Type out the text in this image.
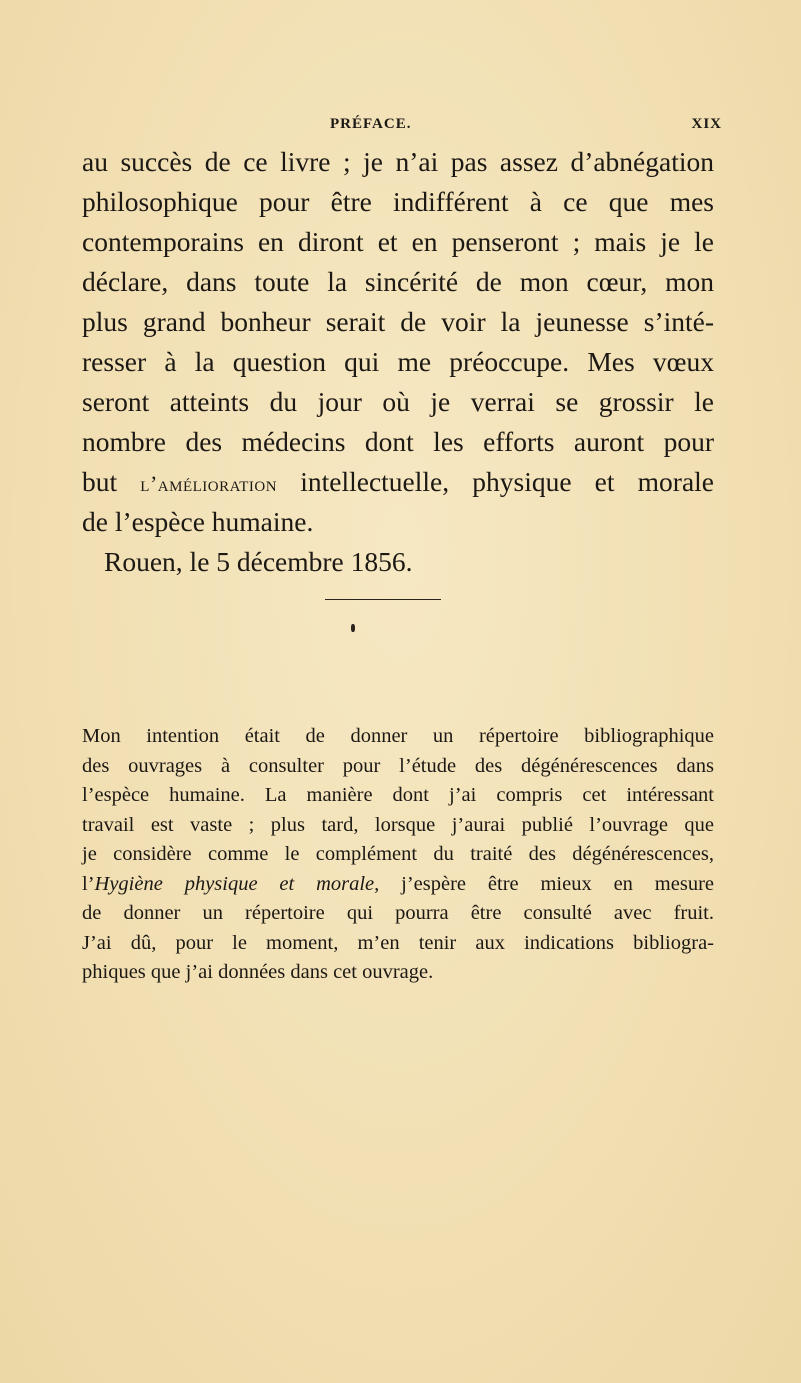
PRÉFACE.	XIX
au succès de ce livre ; je n’ai pas assez d’abnégation
philosophique pour être indifférent à ce que mes
contemporains en diront et en penseront ; mais je le
déclare, dans toute la sincérité de mon cœur, mon
plus grand bonheur serait de voir la jeunesse s’inté-
resser à la question qui me préoccupe. Mes vœux
seront atteints du jour où je verrai se grossir le
nombre des médecins dont les efforts auront pour
but l’amélioration intellectuelle, physique et morale
de l’espèce humaine.
Rouen, le 5 décembre 1856.
Mon intention était de donner un répertoire bibliographique
des ouvrages à consulter pour l’étude des dégénérescences dans
l’espèce humaine. La manière dont j’ai compris cet intéressant
travail est vaste ; plus tard, lorsque j’aurai publié l’ouvrage que
je considère comme le complément du traité des dégénérescences,
l’Hygiène physique et morale, j’espère être mieux en mesure
de donner un répertoire qui pourra être consulté avec fruit.
J’ai dû, pour le moment, m’en tenir aux indications bibliogra-
phiques que j’ai données dans cet ouvrage.
